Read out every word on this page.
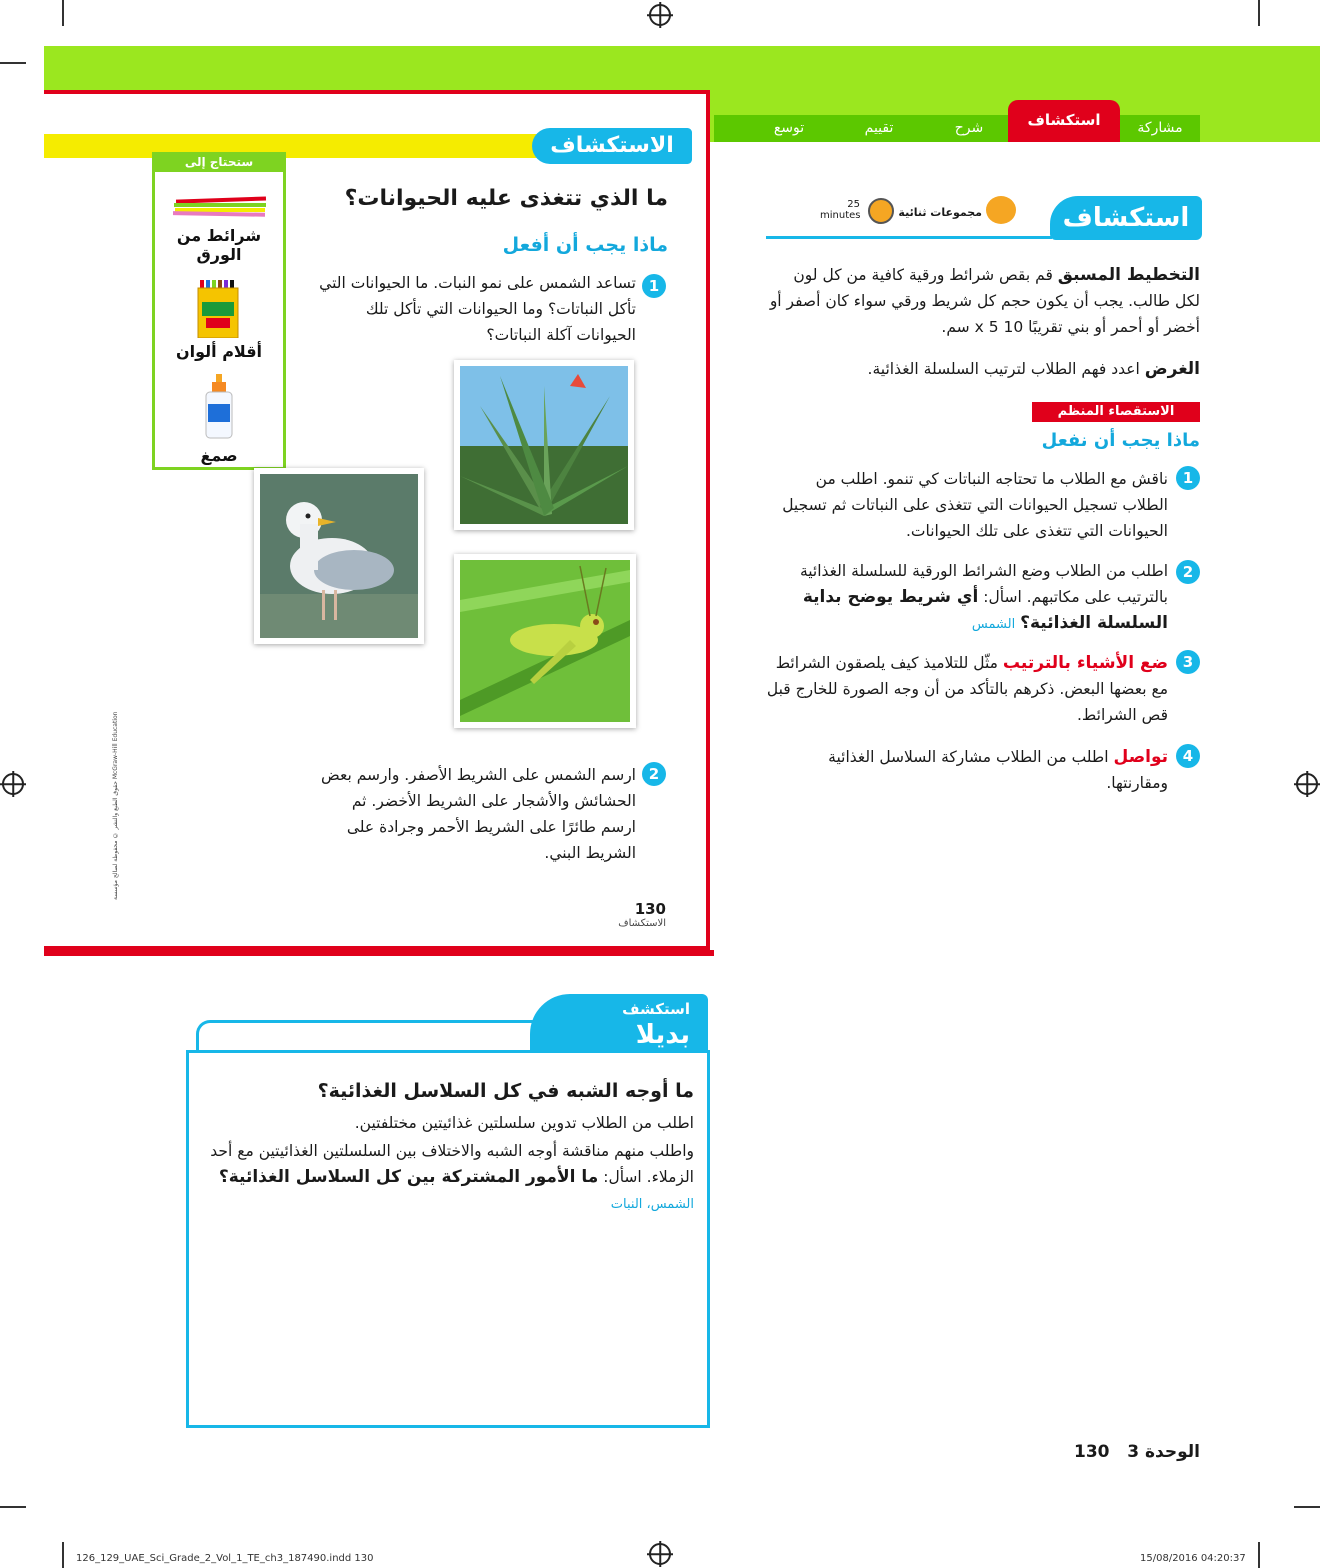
توسع	تقييم	شرح	مشاركة
استكشاف
الاستكشاف
ستحتاج إلى
شرائط من الورق
أقلام ألوان
صمغ
ما الذي تتغذى عليه الحيوانات؟
ماذا يجب أن أفعل
1
تساعد الشمس على نمو النبات. ما الحيوانات التي تأكل النباتات؟ وما الحيوانات التي تأكل تلك الحيوانات آكلة النباتات؟
2
ارسم الشمس على الشريط الأصفر. وارسم بعض الحشائش والأشجار على الشريط الأخضر. ثم ارسم طائرًا على الشريط الأحمر وجرادة على الشريط البني.
130
الاستكشاف
حقوق الطبع والنشر © محفوظة لصالح مؤسسة McGraw-Hill Education
استكشاف
25
minutes	مجموعات ثنائية
التخطيط المسبق قم بقص شرائط ورقية كافية من كل لون لكل طالب. يجب أن يكون حجم كل شريط ورقي سواء كان أصفر أو أخضر أو أحمر أو بني تقريبًا 10 x 5 سم.
الغرض اعدد فهم الطلاب لترتيب السلسلة الغذائية.
الاستقصاء المنظم
ماذا يجب أن نفعل
1
ناقش مع الطلاب ما تحتاجه النباتات كي تنمو. اطلب من الطلاب تسجيل الحيوانات التي تتغذى على النباتات ثم تسجيل الحيوانات التي تتغذى على تلك الحيوانات.
2
اطلب من الطلاب وضع الشرائط الورقية للسلسلة الغذائية بالترتيب على مكاتبهم. اسأل: أي شريط يوضح بداية السلسلة الغذائية؟ الشمس
3
ضع الأشياء بالترتيب مثّل للتلاميذ كيف يلصقون الشرائط مع بعضها البعض. ذكرهم بالتأكد من أن وجه الصورة للخارج قبل قص الشرائط.
4
تواصل اطلب من الطلاب مشاركة السلاسل الغذائية ومقارنتها.
استكشف
بديلا
ما أوجه الشبه في كل السلاسل الغذائية؟
اطلب من الطلاب تدوين سلسلتين غذائيتين مختلفتين.
واطلب منهم مناقشة أوجه الشبه والاختلاف بين السلسلتين الغذائيتين مع أحد الزملاء. اسأل: ما الأمور المشتركة بين كل السلاسل الغذائية؟ الشمس، النبات
الوحدة 3   130
126_129_UAE_Sci_Grade_2_Vol_1_TE_ch3_187490.indd 130	15/08/2016 04:20:37
